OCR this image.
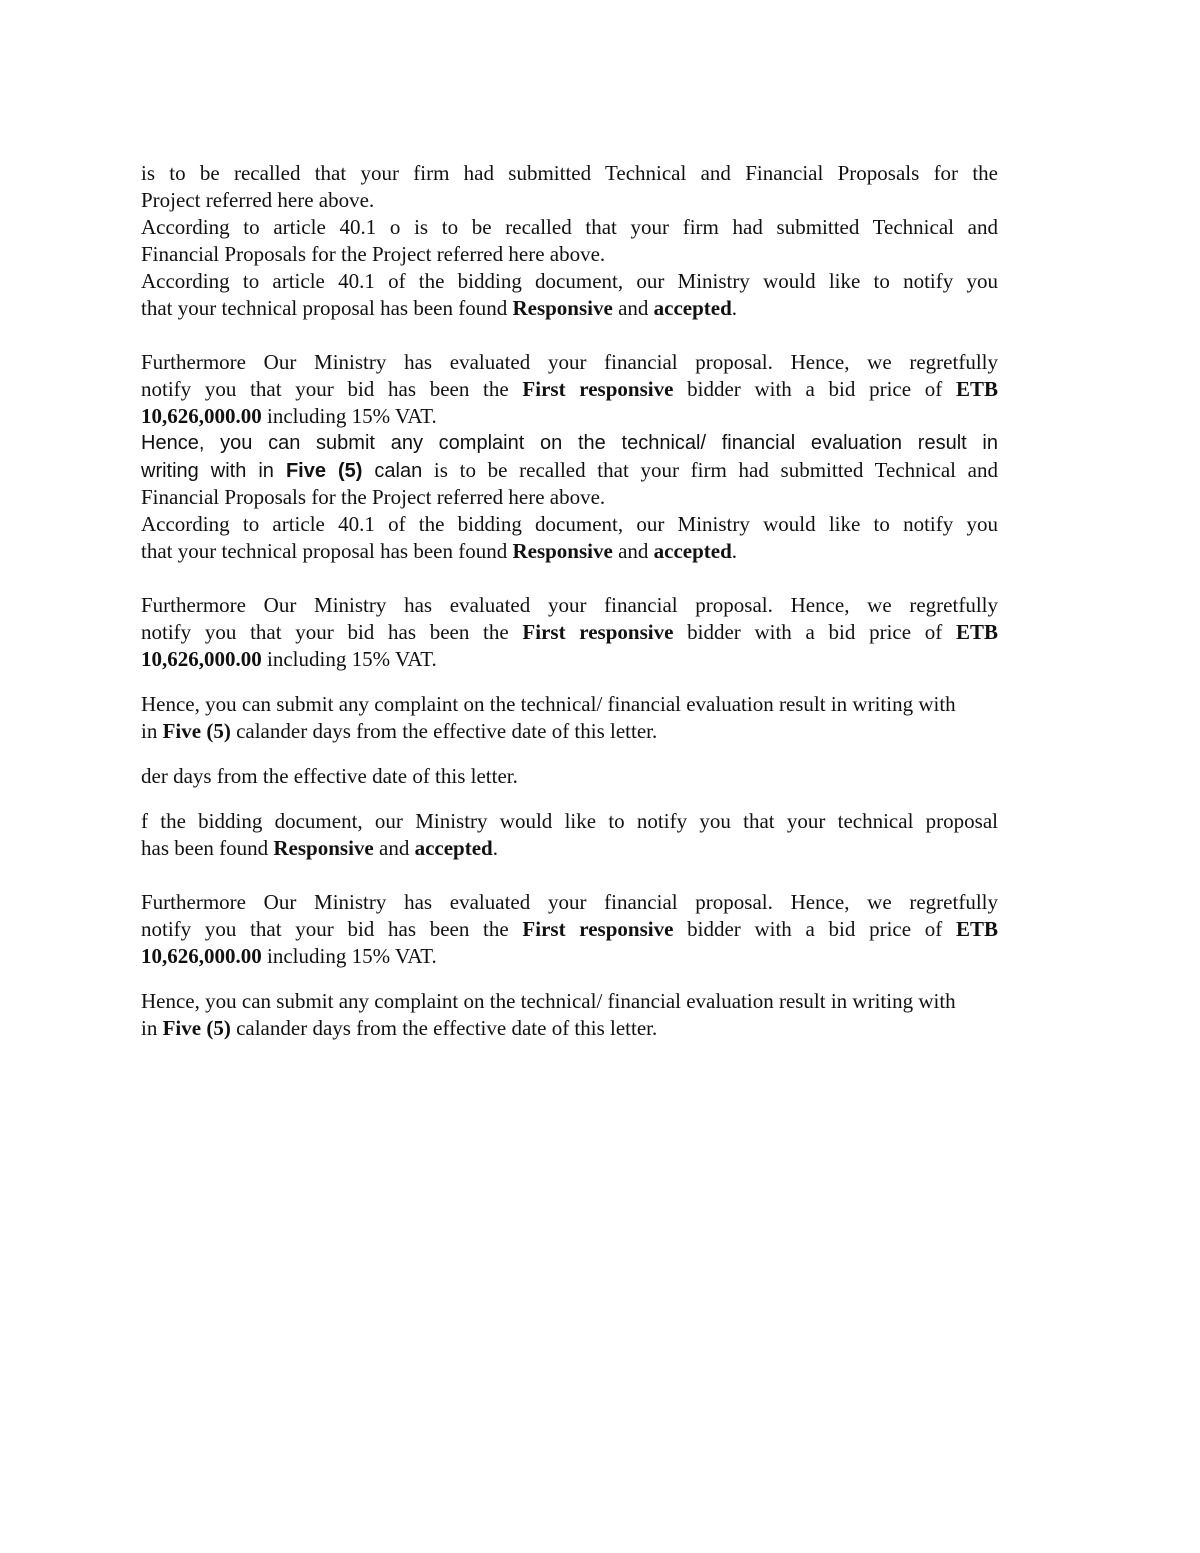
is to be recalled that your firm had submitted Technical and Financial Proposals for the
Project referred here above.
According to article 40.1 o is to be recalled that your firm had submitted Technical and
Financial Proposals for the Project referred here above.
According to article 40.1 of the bidding document, our Ministry would like to notify you
that your technical proposal has been found Responsive and accepted.
Furthermore Our Ministry has evaluated your financial proposal. Hence, we regretfully
notify you that your bid has been the First responsive bidder with a bid price of ETB
10,626,000.00 including 15% VAT.
Hence, you can submit any complaint on the technical/ financial evaluation result in
writing with in Five (5) calan is to be recalled that your firm had submitted Technical and
Financial Proposals for the Project referred here above.
According to article 40.1 of the bidding document, our Ministry would like to notify you
that your technical proposal has been found Responsive and accepted.
Furthermore Our Ministry has evaluated your financial proposal. Hence, we regretfully
notify you that your bid has been the First responsive bidder with a bid price of ETB
10,626,000.00 including 15% VAT.
Hence, you can submit any complaint on the technical/ financial evaluation result in writing with
in Five (5) calander days from the effective date of this letter.
der days from the effective date of this letter.
f the bidding document, our Ministry would like to notify you that your technical proposal
has been found Responsive and accepted.
Furthermore Our Ministry has evaluated your financial proposal. Hence, we regretfully
notify you that your bid has been the First responsive bidder with a bid price of ETB
10,626,000.00 including 15% VAT.
Hence, you can submit any complaint on the technical/ financial evaluation result in writing with
in Five (5) calander days from the effective date of this letter.
